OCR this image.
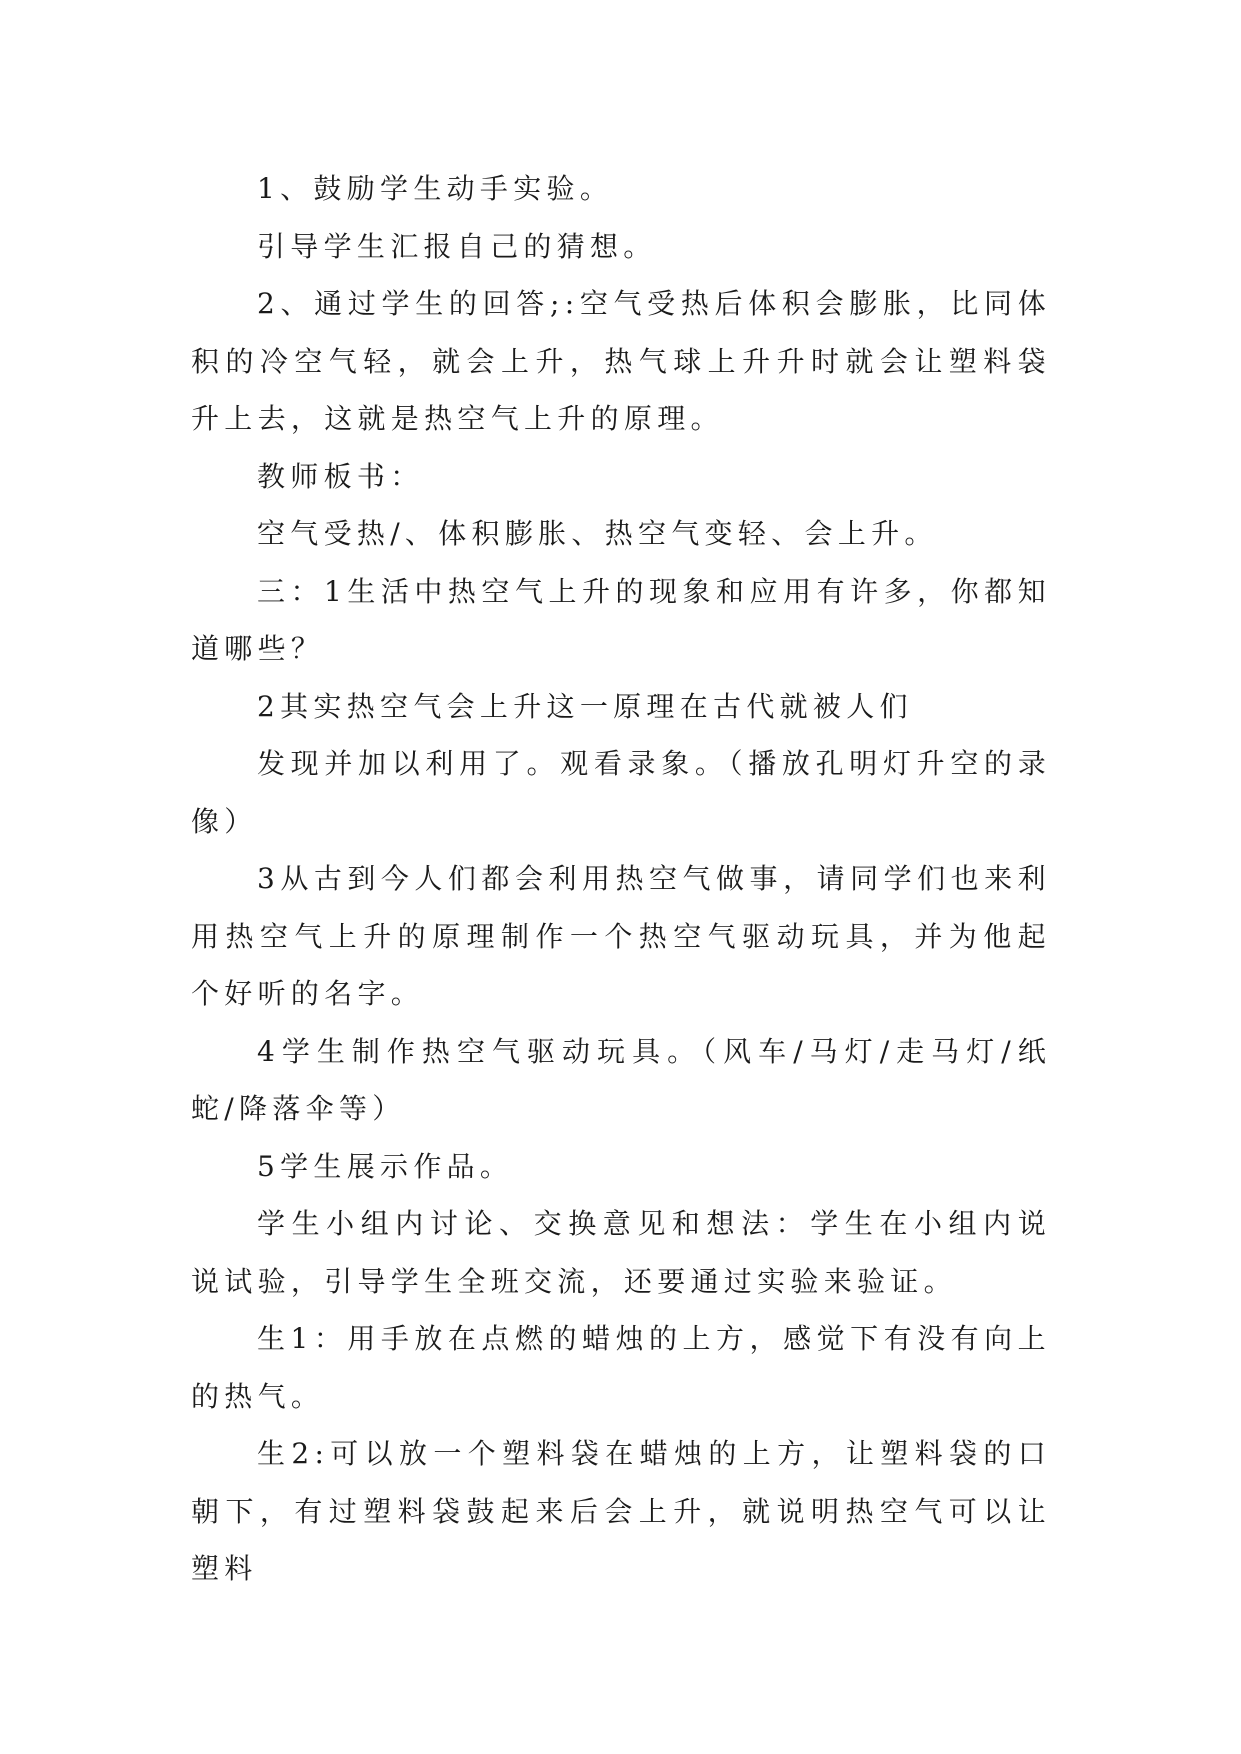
1、鼓励学生动手实验。

引导学生汇报自己的猜想。

2、通过学生的回答;:空气受热后体积会膨胀，比同体积的冷空气轻，就会上升，热气球上升升时就会让塑料袋升上去，这就是热空气上升的原理。

教师板书：

空气受热/、体积膨胀、热空气变轻、会上升。

三：1生活中热空气上升的现象和应用有许多，你都知道哪些？

2其实热空气会上升这一原理在古代就被人们

发现并加以利用了。观看录象。（播放孔明灯升空的录像）

3从古到今人们都会利用热空气做事，请同学们也来利用热空气上升的原理制作一个热空气驱动玩具，并为他起个好听的名字。

4学生制作热空气驱动玩具。（风车/马灯/走马灯/纸蛇/降落伞等）

5学生展示作品。

学生小组内讨论、交换意见和想法：学生在小组内说说试验，引导学生全班交流，还要通过实验来验证。

生1：用手放在点燃的蜡烛的上方，感觉下有没有向上的热气。

生2:可以放一个塑料袋在蜡烛的上方，让塑料袋的口朝下，有过塑料袋鼓起来后会上升，就说明热空气可以让塑料
